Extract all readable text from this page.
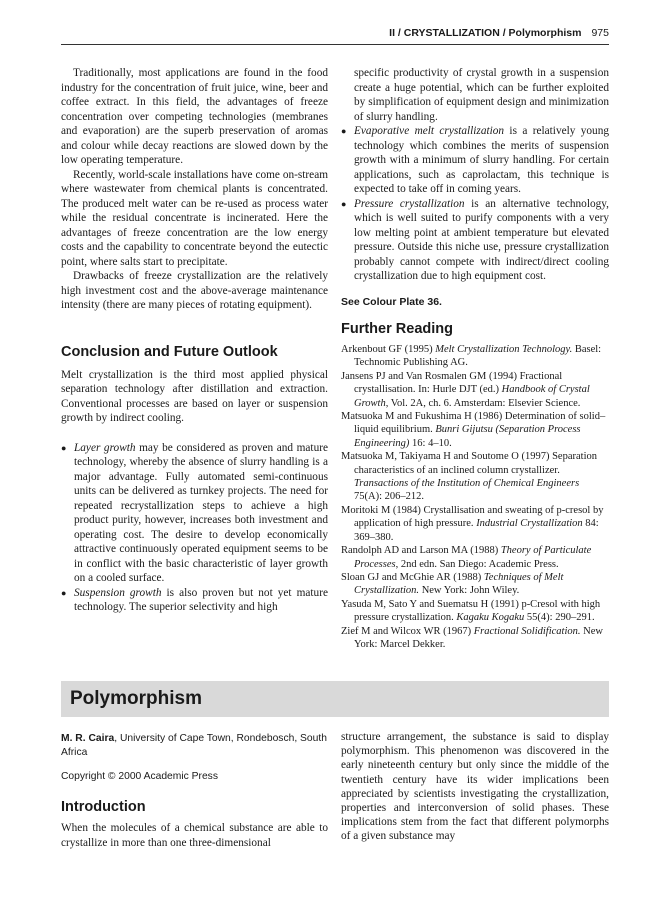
II / CRYSTALLIZATION / Polymorphism 975

Traditionally, most applications are found in the food industry for the concentration of fruit juice, wine, beer and coffee extract. In this field, the advantages of freeze concentration over competing technologies (membranes and evaporation) are the superb preservation of aromas and colour while decay reactions are slowed down by the low operating temperature.

Recently, world-scale installations have come on-stream where wastewater from chemical plants is concentrated. The produced melt water can be re-used as process water while the residual concentrate is incinerated. Here the advantages of freeze concentration are the low energy costs and the capability to concentrate beyond the eutectic point, where salts start to precipitate.

Drawbacks of freeze crystallization are the relatively high investment cost and the above-average maintenance intensity (there are many pieces of rotating equipment).

Conclusion and Future Outlook

Melt crystallization is the third most applied physical separation technology after distillation and extraction. Conventional processes are based on layer or suspension growth by indirect cooling.

● Layer growth may be considered as proven and mature technology, whereby the absence of slurry handling is a major advantage. Fully automated semi-continuous units can be delivered as turnkey projects. The need for repeated recrystallization steps to achieve a high product purity, however, increases both investment and operating cost. The desire to develop economically attractive continuously operated equipment seems to be in conflict with the basic characteristic of layer growth on a cooled surface.
● Suspension growth is also proven but not yet mature technology. The superior selectivity and high

specific productivity of crystal growth in a suspension create a huge potential, which can be further exploited by simplification of equipment design and minimization of slurry handling.

● Evaporative melt crystallization is a relatively young technology which combines the merits of suspension growth with a minimum of slurry handling. For certain applications, such as caprolactam, this technique is expected to take off in coming years.
● Pressure crystallization is an alternative technology, which is well suited to purify components with a very low melting point at ambient temperature but elevated pressure. Outside this niche use, pressure crystallization probably cannot compete with indirect/direct cooling crystallization due to high equipment cost.
See Colour Plate 36.
Further Reading
Arkenbout GF (1995) Melt Crystallization Technology. Basel: Technomic Publishing AG.
Jansens PJ and Van Rosmalen GM (1994) Fractional crystallisation. In: Hurle DJT (ed.) Handbook of Crystal Growth, Vol. 2A, ch. 6. Amsterdam: Elsevier Science.
Matsuoka M and Fukushima H (1986) Determination of solid–liquid equilibrium. Bunri Gijutsu (Separation Process Engineering) 16: 4–10.
Matsuoka M, Takiyama H and Soutome O (1997) Separation characteristics of an inclined column crystallizer. Transactions of the Institution of Chemical Engineers 75(A): 206–212.
Moritoki M (1984) Crystallisation and sweating of p-cresol by application of high pressure. Industrial Crystallization 84: 369–380.
Randolph AD and Larson MA (1988) Theory of Particulate Processes, 2nd edn. San Diego: Academic Press.
Sloan GJ and McGhie AR (1988) Techniques of Melt Crystallization. New York: John Wiley.
Yasuda M, Sato Y and Suematsu H (1991) p-Cresol with high pressure crystallization. Kagaku Kogaku 55(4): 290–291.
Zief M and Wilcox WR (1967) Fractional Solidification. New York: Marcel Dekker.
Polymorphism
M. R. Caira, University of Cape Town, Rondebosch, South Africa
Copyright © 2000 Academic Press
Introduction

When the molecules of a chemical substance are able to crystallize in more than one three-dimensional

structure arrangement, the substance is said to display polymorphism. This phenomenon was discovered in the early nineteenth century but only since the middle of the twentieth century have its wider implications been appreciated by scientists investigating the crystallization, properties and interconversion of solid phases. These implications stem from the fact that different polymorphs of a given substance may
